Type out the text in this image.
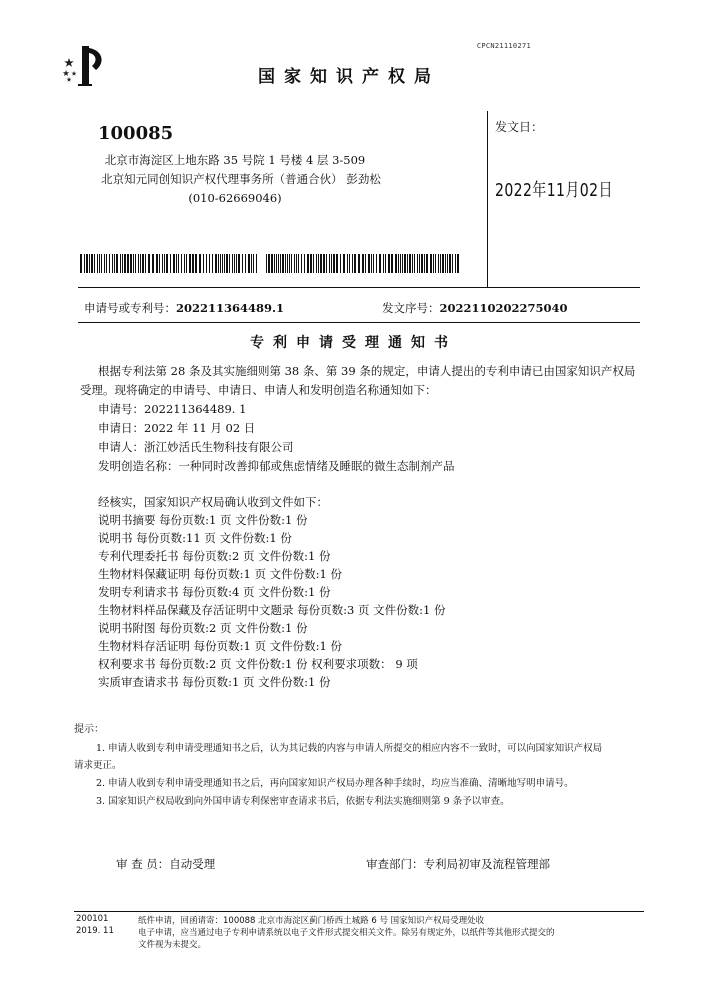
CPCN21110271
国家知识产权局
100085
北京市海淀区上地东路 35 号院 1 号楼 4 层 3-509
北京知元同创知识产权代理事务所（普通合伙） 彭劲松
(010-62669046)
发文日：
2022年11月02日
申请号或专利号：202211364489.1	发文序号：2022110202275040
专利申请受理通知书
根据专利法第 28 条及其实施细则第 38 条、第 39 条的规定，申请人提出的专利申请已由国家知识产权局
受理。现将确定的申请号、申请日、申请人和发明创造名称通知如下：
申请号：202211364489. 1
申请日：2022 年 11 月 02 日
申请人：浙江妙活氏生物科技有限公司
发明创造名称：一种同时改善抑郁或焦虑情绪及睡眠的微生态制剂产品
经核实，国家知识产权局确认收到文件如下：
说明书摘要 每份页数:1 页 文件份数:1 份
说明书 每份页数:11 页 文件份数:1 份
专利代理委托书 每份页数:2 页 文件份数:1 份
生物材料保藏证明 每份页数:1 页 文件份数:1 份
发明专利请求书 每份页数:4 页 文件份数:1 份
生物材料样品保藏及存活证明中文题录 每份页数:3 页 文件份数:1 份
说明书附图 每份页数:2 页 文件份数:1 份
生物材料存活证明 每份页数:1 页 文件份数:1 份
权利要求书 每份页数:2 页 文件份数:1 份 权利要求项数： 9 项
实质审查请求书 每份页数:1 页 文件份数:1 份
提示：
1. 申请人收到专利申请受理通知书之后，认为其记载的内容与申请人所提交的相应内容不一致时，可以向国家知识产权局
请求更正。
2. 申请人收到专利申请受理通知书之后，再向国家知识产权局办理各种手续时，均应当准确、清晰地写明申请号。
3. 国家知识产权局收到向外国申请专利保密审查请求书后，依据专利法实施细则第 9 条予以审查。
审 查 员：自动受理	审查部门：专利局初审及流程管理部
200101
2019. 11
纸件申请，回函请寄：100088 北京市海淀区蓟门桥西土城路 6 号 国家知识产权局受理处收
电子申请，应当通过电子专利申请系统以电子文件形式提交相关文件。除另有规定外，以纸件等其他形式提交的
文件视为未提交。
